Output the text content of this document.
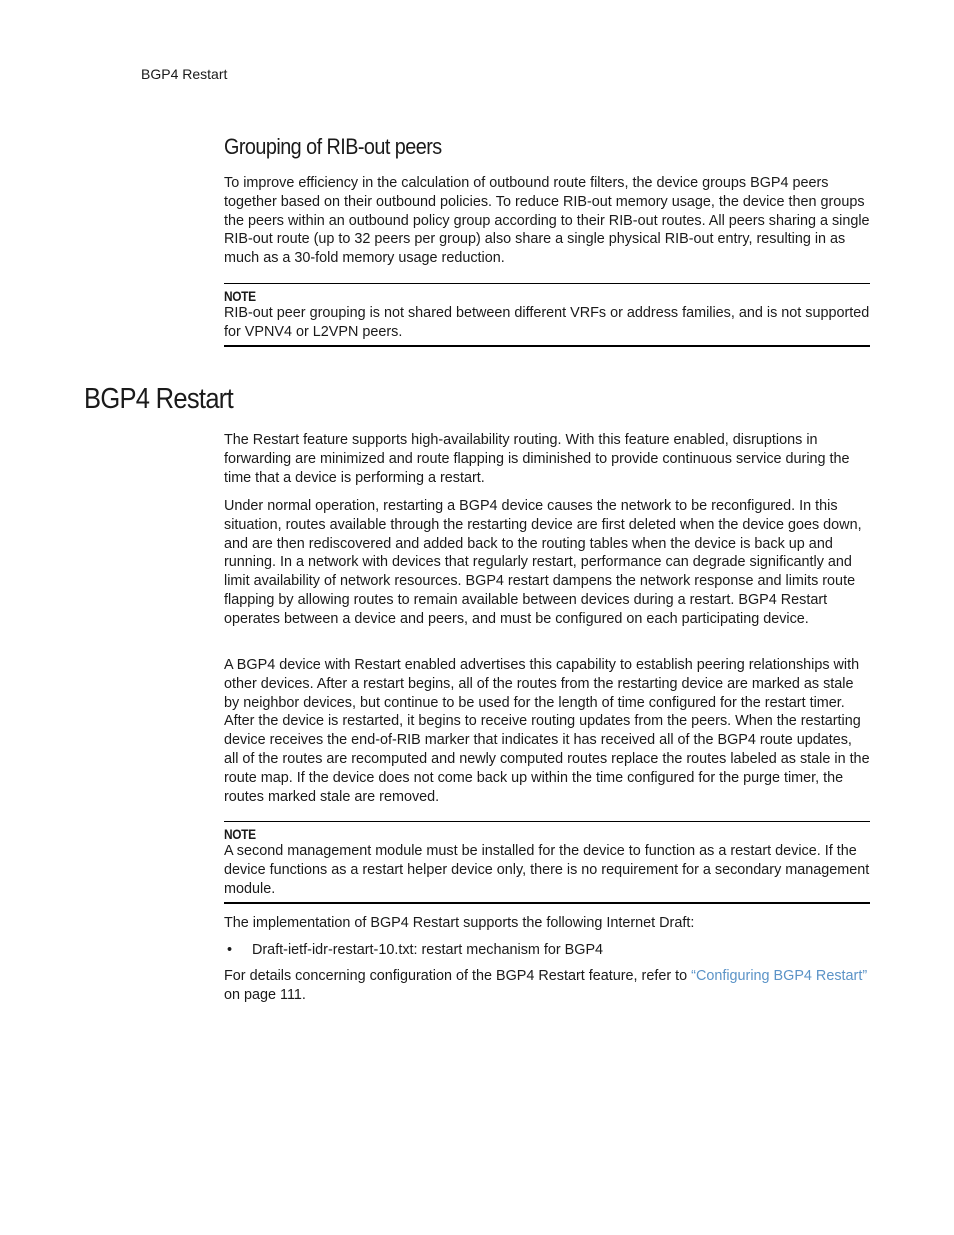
BGP4 Restart
Grouping of RIB-out peers

To improve efficiency in the calculation of outbound route filters, the device groups BGP4 peers together based on their outbound policies. To reduce RIB-out memory usage, the device then groups the peers within an outbound policy group according to their RIB-out routes. All peers sharing a single RIB-out route (up to 32 peers per group) also share a single physical RIB-out entry, resulting in as much as a 30-fold memory usage reduction.

NOTE

RIB-out peer grouping is not shared between different VRFs or address families, and is not supported for VPNV4 or L2VPN peers.

BGP4 Restart

The Restart feature supports high-availability routing. With this feature enabled, disruptions in forwarding are minimized and route flapping is diminished to provide continuous service during the time that a device is performing a restart.

Under normal operation, restarting a BGP4 device causes the network to be reconfigured. In this situation, routes available through the restarting device are first deleted when the device goes down, and are then rediscovered and added back to the routing tables when the device is back up and running. In a network with devices that regularly restart, performance can degrade significantly and limit availability of network resources. BGP4 restart dampens the network response and limits route flapping by allowing routes to remain available between devices during a restart. BGP4 Restart operates between a device and peers, and must be configured on each participating device.

A BGP4 device with Restart enabled advertises this capability to establish peering relationships with other devices. After a restart begins, all of the routes from the restarting device are marked as stale by neighbor devices, but continue to be used for the length of time configured for the restart timer. After the device is restarted, it begins to receive routing updates from the peers. When the restarting device receives the end-of-RIB marker that indicates it has received all of the BGP4 route updates, all of the routes are recomputed and newly computed routes replace the routes labeled as stale in the route map. If the device does not come back up within the time configured for the purge timer, the routes marked stale are removed.

NOTE

A second management module must be installed for the device to function as a restart device. If the device functions as a restart helper device only, there is no requirement for a secondary management module.

The implementation of BGP4 Restart supports the following Internet Draft:

• Draft-ietf-idr-restart-10.txt: restart mechanism for BGP4

For details concerning configuration of the BGP4 Restart feature, refer to “Configuring BGP4 Restart” on page 111.
